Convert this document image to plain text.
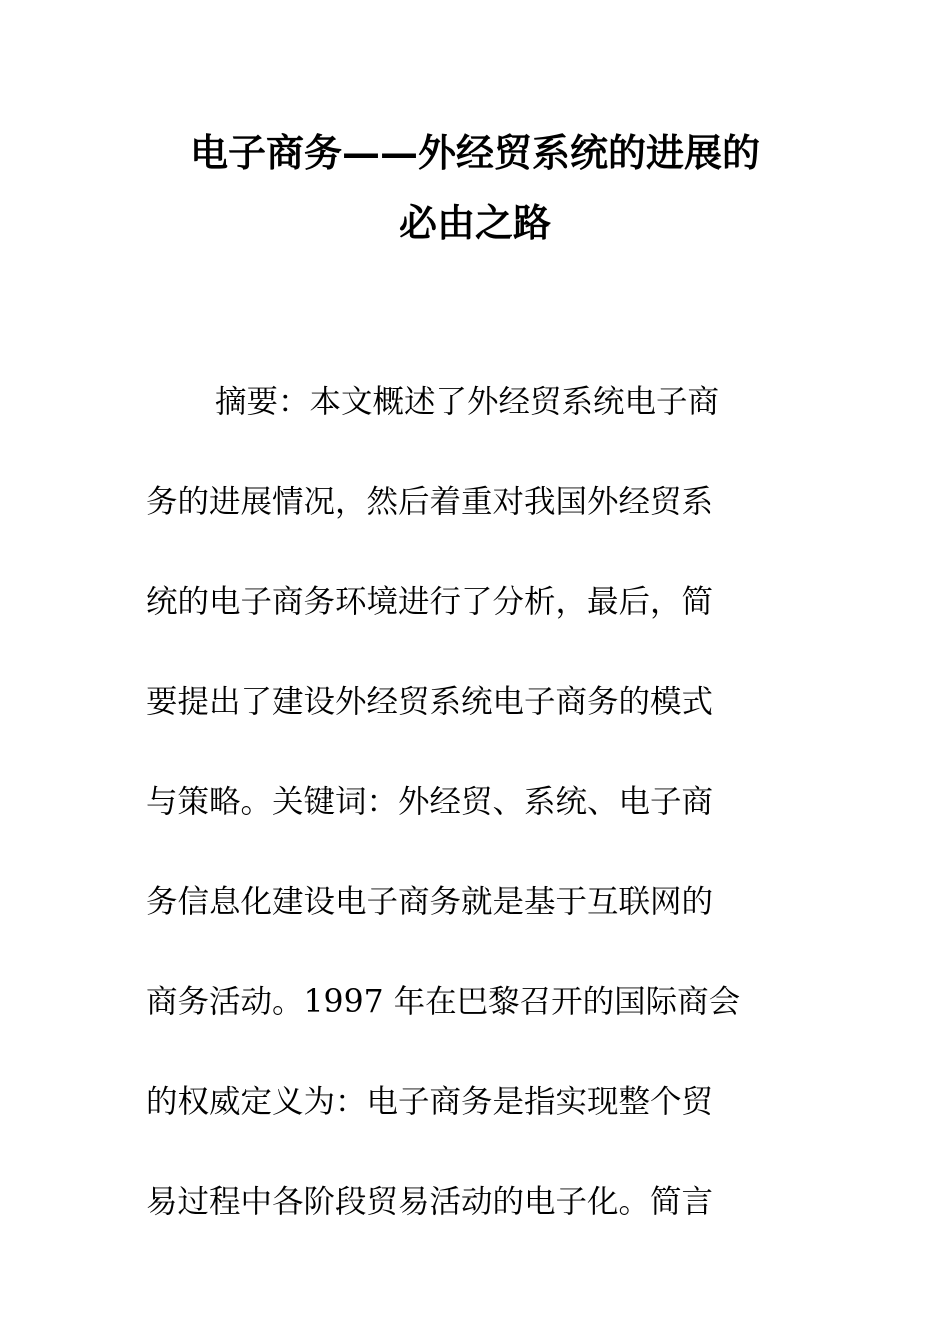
电子商务——外经贸系统的进展的
必由之路
摘要：本文概述了外经贸系统电子商
务的进展情况，然后着重对我国外经贸系
统的电子商务环境进行了分析，最后，简
要提出了建设外经贸系统电子商务的模式
与策略。关键词：外经贸、系统、电子商
务信息化建设电子商务就是基于互联网的
商务活动。1997 年在巴黎召开的国际商会
的权威定义为：电子商务是指实现整个贸
易过程中各阶段贸易活动的电子化。简言
